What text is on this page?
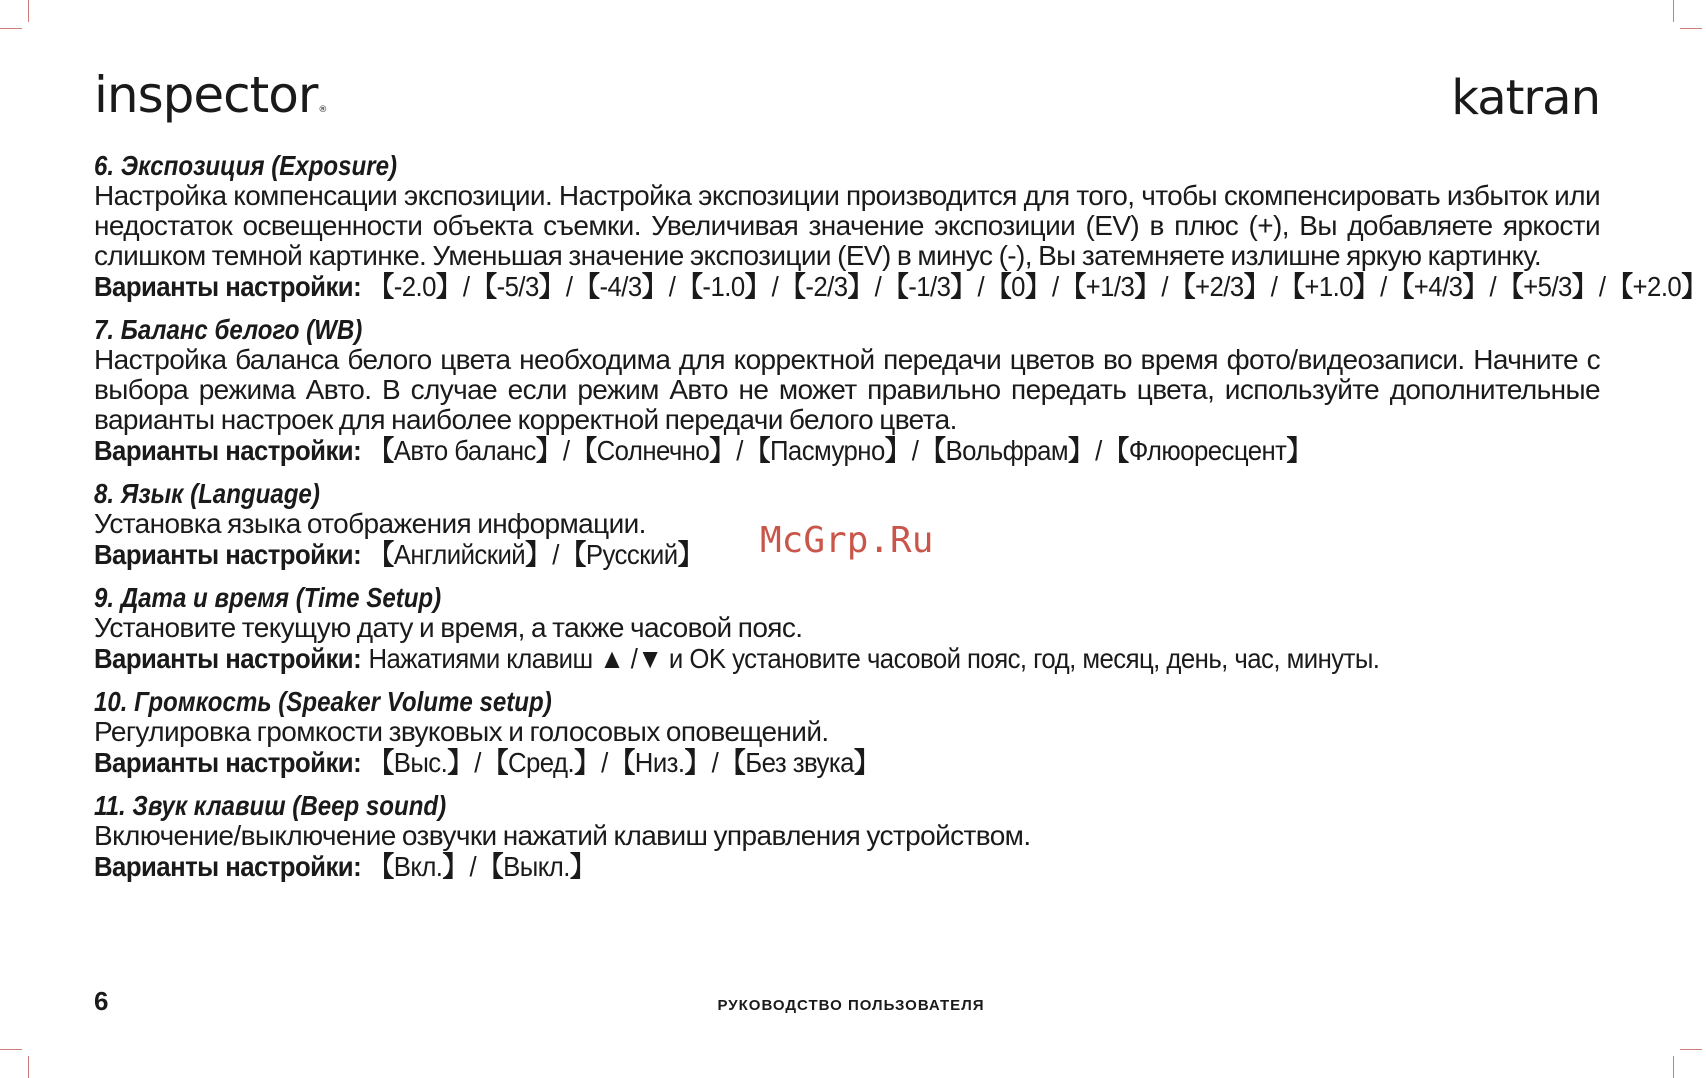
inspector®	katran
6. Экспозиция (Exposure)
Настройка компенсации экспозиции. Настройка экспозиции производится для того, чтобы скомпенсировать избыток или недостаток освещенности объекта съемки. Увеличивая значение экспозиции (EV) в плюс (+), Вы добавляете яркости слишком темной картинке. Уменьшая значение экспозиции (EV) в минус (-), Вы затемняете излишне яркую картинку.
Варианты настройки: 【-2.0】/【-5/3】/【-4/3】/【-1.0】/【-2/3】/【-1/3】/【0】/【+1/3】/【+2/3】/【+1.0】/【+4/3】/【+5/3】/【+2.0】
7. Баланс белого (WB)
Настройка баланса белого цвета необходима для корректной передачи цветов во время фото/видеозаписи. Начните с выбора режима Авто. В случае если режим Авто не может правильно передать цвета, используйте дополнительные варианты настроек для наиболее корректной передачи белого цвета.
Варианты настройки: 【Авто баланс】/【Солнечно】/【Пасмурно】/【Вольфрам】/【Флюоресцент】
8. Язык (Language)
Установка языка отображения информации.
Варианты настройки: 【Английский】/【Русский】
9. Дата и время (Time Setup)
Установите текущую дату и время, а также часовой пояс.
Варианты настройки: Нажатиями клавиш ▲ /▼ и OK установите часовой пояс, год, месяц, день, час, минуты.
10. Громкость (Speaker Volume setup)
Регулировка громкости звуковых и голосовых оповещений.
Варианты настройки: 【Выс.】/【Сред.】/【Низ.】/【Без звука】
11. Звук клавиш (Beep sound)
Включение/выключение озвучки нажатий клавиш управления устройством.
Варианты настройки: 【Вкл.】/【Выкл.】
McGrp.Ru
6	РУКОВОДСТВО ПОЛЬЗОВАТЕЛЯ
